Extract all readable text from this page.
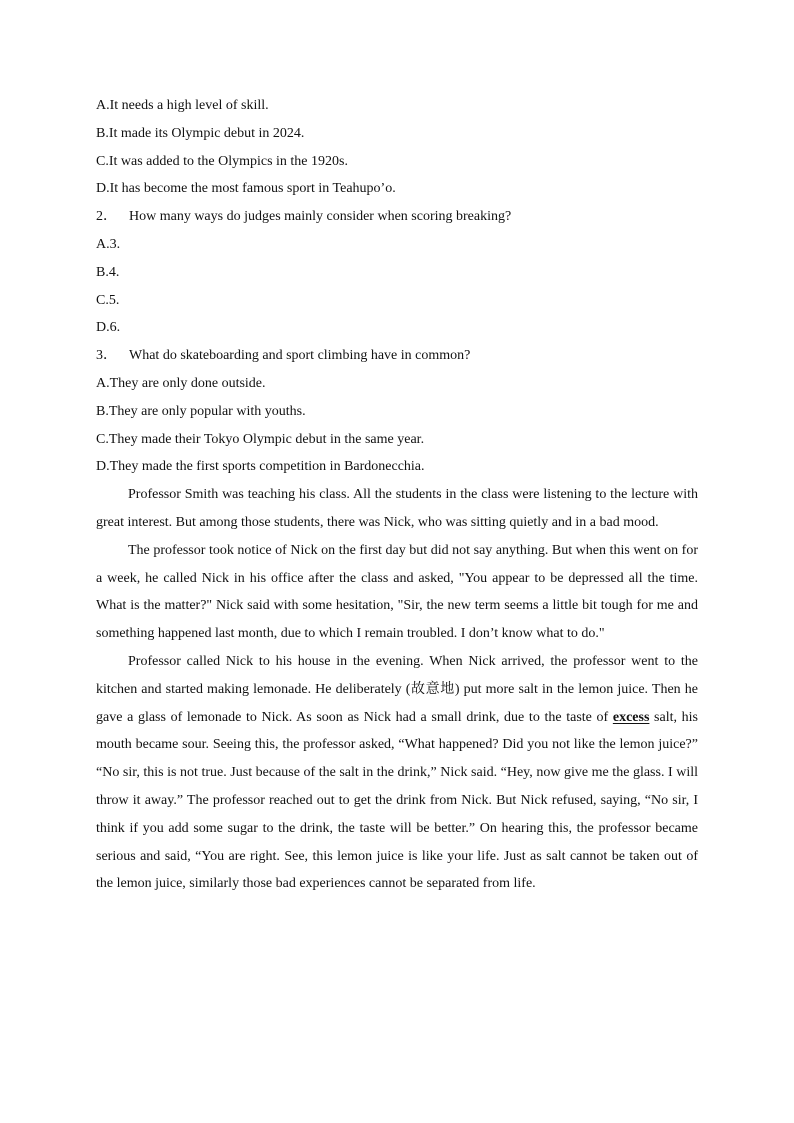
A.It needs a high level of skill.

B.It made its Olympic debut in 2024.

C.It was added to the Olympics in the 1920s.

D.It has become the most famous sport in Teahupo’o.

2． How many ways do judges mainly consider when scoring breaking?

A.3.

B.4.

C.5.

D.6.

3． What do skateboarding and sport climbing have in common?

A.They are only done outside.

B.They are only popular with youths.

C.They made their Tokyo Olympic debut in the same year.

D.They made the first sports competition in Bardonecchia.

Professor Smith was teaching his class. All the students in the class were listening to the lecture with great interest. But among those students, there was Nick, who was sitting quietly and in a bad mood.

The professor took notice of Nick on the first day but did not say anything. But when this went on for a week, he called Nick in his office after the class and asked, "You appear to be depressed all the time. What is the matter?" Nick said with some hesitation, "Sir, the new term seems a little bit tough for me and something happened last month, due to which I remain troubled. I don’t know what to do."

Professor called Nick to his house in the evening. When Nick arrived, the professor went to the kitchen and started making lemonade. He deliberately (故意地) put more salt in the lemon juice. Then he gave a glass of lemonade to Nick. As soon as Nick had a small drink, due to the taste of excess salt, his mouth became sour. Seeing this, the professor asked, “What happened? Did you not like the lemon juice?” “No sir, this is not true. Just because of the salt in the drink,” Nick said. “Hey, now give me the glass. I will throw it away.” The professor reached out to get the drink from Nick. But Nick refused, saying, “No sir, I think if you add some sugar to the drink, the taste will be better.” On hearing this, the professor became serious and said, “You are right. See, this lemon juice is like your life. Just as salt cannot be taken out of the lemon juice, similarly those bad experiences cannot be separated from life.
